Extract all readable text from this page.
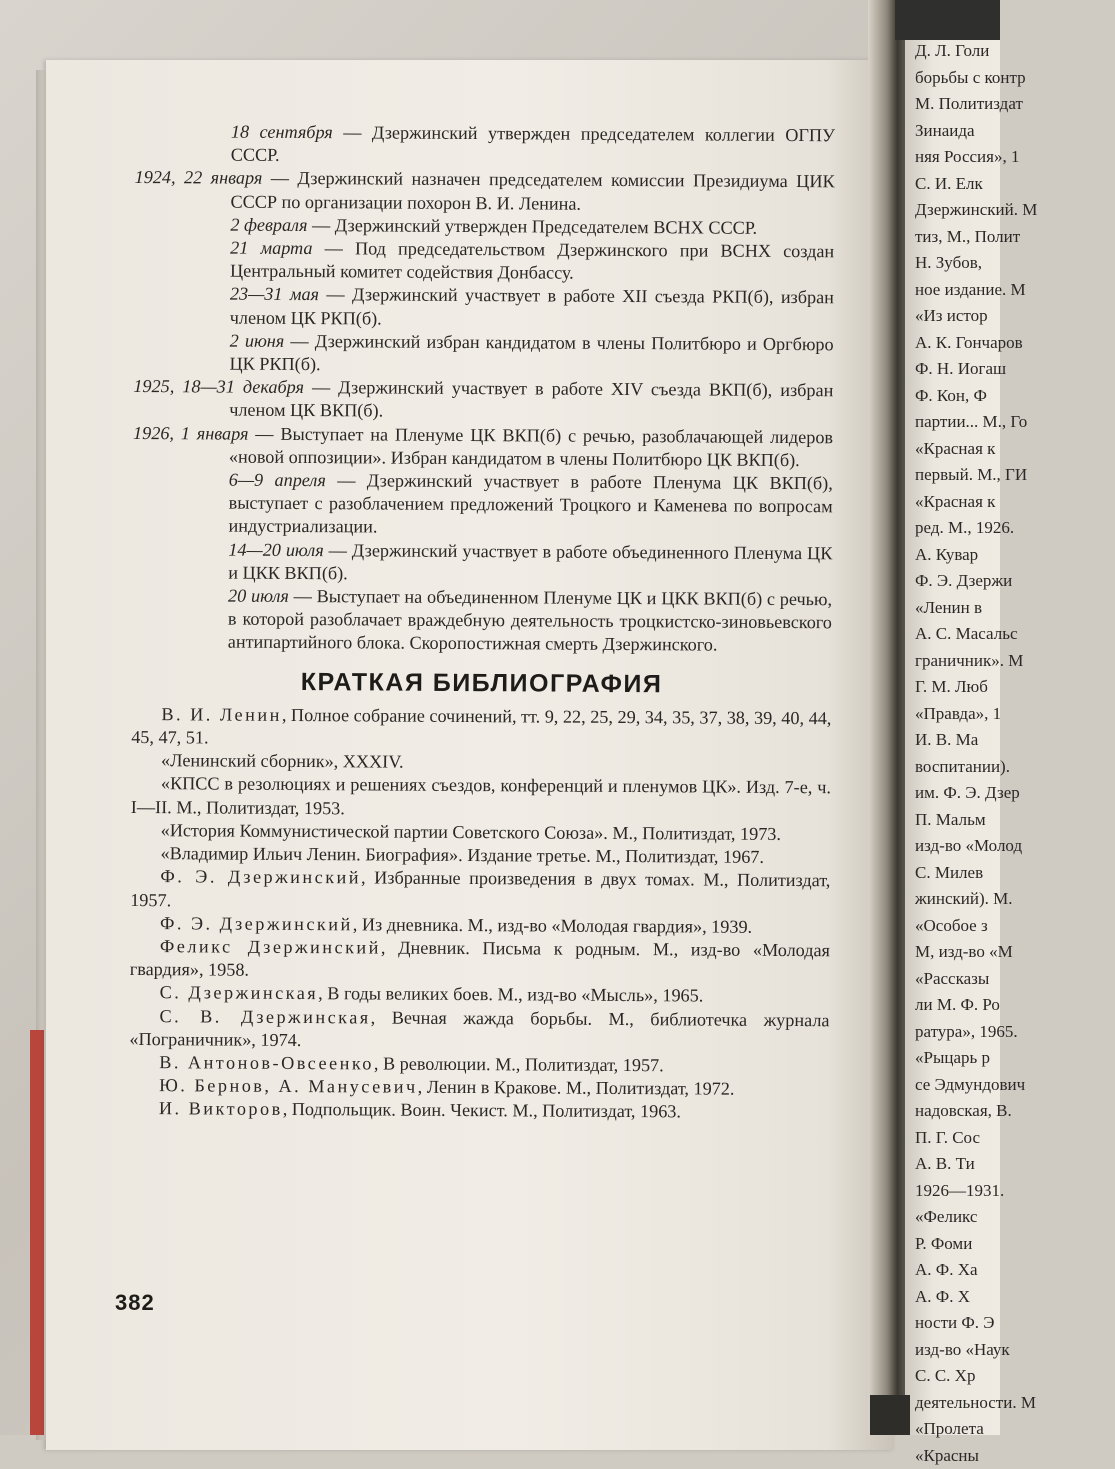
Д. Л. Голи
борьбы с контр
М. Политиздат
Зинаида
няя Россия», 1
С. И. Елк
Дзержинский. М
тиз, М., Полит
Н. Зубов,
ное издание. М
«Из истор
А. К. Гончаров
Ф. Н. Иогаш
Ф. Кон, Ф
партии... М., Го
«Красная к
первый. М., ГИ
«Красная к
ред. М., 1926.
А. Кувар
Ф. Э. Дзержи
«Ленин в
А. С. Масальс
граничник». М
Г. М. Люб
«Правда», 1
И. В. Ма
воспитании).
им. Ф. Э. Дзер
П. Мальм
изд-во «Молод
С. Милев
жинский). М.
«Особое з
М, изд-во «М
«Рассказы
ли М. Ф. Ро
ратура», 1965.
«Рыцарь р
се Эдмундович
надовская, В.
П. Г. Сос
А. В. Ти
1926—1931.
«Феликс
Р. Фоми
А. Ф. Ха
А. Ф. Х
ности Ф. Э
изд-во «Наук
С. С. Хр
деятельности. М
«Пролета
«Красны
18 сентября — Дзержинский утвержден председателем коллегии ОГПУ СССР.
1924, 22 января — Дзержинский назначен председателем комиссии Президиума ЦИК СССР по организации похорон В. И. Ленина.
2 февраля — Дзержинский утвержден Председателем ВСНХ СССР.
21 марта — Под председательством Дзержинского при ВСНХ создан Центральный комитет содействия Донбассу.
23—31 мая — Дзержинский участвует в работе XII съезда РКП(б), избран членом ЦК РКП(б).
2 июня — Дзержинский избран кандидатом в члены Политбюро и Оргбюро ЦК РКП(б).
1925, 18—31 декабря — Дзержинский участвует в работе XIV съезда ВКП(б), избран членом ЦК ВКП(б).
1926, 1 января — Выступает на Пленуме ЦК ВКП(б) с речью, разоблачающей лидеров «новой оппозиции». Избран кандидатом в члены Политбюро ЦК ВКП(б).
6—9 апреля — Дзержинский участвует в работе Пленума ЦК ВКП(б), выступает с разоблачением предложений Троцкого и Каменева по вопросам индустриализации.
14—20 июля — Дзержинский участвует в работе объединенного Пленума ЦК и ЦКК ВКП(б).
20 июля — Выступает на объединенном Пленуме ЦК и ЦКК ВКП(б) с речью, в которой разоблачает враждебную деятельность троцкистско-зиновьевского антипартийного блока. Скоропостижная смерть Дзержинского.
КРАТКАЯ БИБЛИОГРАФИЯ
В. И. Ленин, Полное собрание сочинений, тт. 9, 22, 25, 29, 34, 35, 37, 38, 39, 40, 44, 45, 47, 51.
«Ленинский сборник», XXXIV.
«КПСС в резолюциях и решениях съездов, конференций и пленумов ЦК». Изд. 7-е, ч. I—II. М., Политиздат, 1953.
«История Коммунистической партии Советского Союза». М., Политиздат, 1973.
«Владимир Ильич Ленин. Биография». Издание третье. М., Политиздат, 1967.
Ф. Э. Дзержинский, Избранные произведения в двух томах. М., Политиздат, 1957.
Ф. Э. Дзержинский, Из дневника. М., изд-во «Молодая гвардия», 1939.
Феликс Дзержинский, Дневник. Письма к родным. М., изд-во «Молодая гвардия», 1958.
С. Дзержинская, В годы великих боев. М., изд-во «Мысль», 1965.
С. В. Дзержинская, Вечная жажда борьбы. М., библиотечка журнала «Пограничник», 1974.
В. Антонов-Овсеенко, В революции. М., Политиздат, 1957.
Ю. Бернов, А. Манусевич, Ленин в Кракове. М., Политиздат, 1972.
И. Викторов, Подпольщик. Воин. Чекист. М., Политиздат, 1963.
382
